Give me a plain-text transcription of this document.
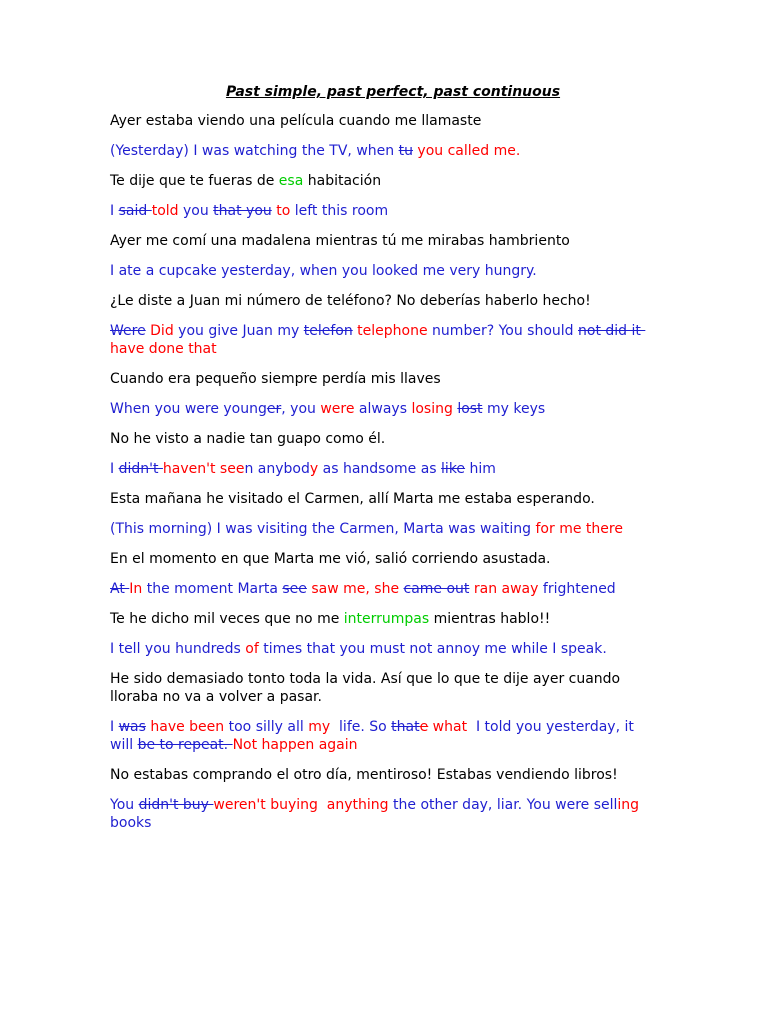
Past simple, past perfect, past continuous
Ayer estaba viendo una película cuando me llamaste
(Yesterday) I was watching the TV, when tu you called me.
Te dije que te fueras de esa habitación
I said told you that you to left this room
Ayer me comí una madalena mientras tú me mirabas hambriento
I ate a cupcake yesterday, when you looked me very hungry.
¿Le diste a Juan mi número de teléfono? No deberías haberlo hecho!
Were Did you give Juan my telefon telephone number? You should not did it
have done that
Cuando era pequeño siempre perdía mis llaves
When you were younger, you were always losing lost my keys
No he visto a nadie tan guapo como él.
I didn't haven't seen anybody as handsome as like him
Esta mañana he visitado el Carmen, allí Marta me estaba esperando.
(This morning) I was visiting the Carmen, Marta was waiting for me there
En el momento en que Marta me vió, salió corriendo asustada.
At In the moment Marta see saw me, she came out ran away frightened
Te he dicho mil veces que no me interrumpas mientras hablo!!
I tell you hundreds of times that you must not annoy me while I speak.
He sido demasiado tonto toda la vida. Así que lo que te dije ayer cuando
lloraba no va a volver a pasar.
I was have been too silly all my  life. So thate what  I told you yesterday, it
will be to repeat. Not happen again
No estabas comprando el otro día, mentiroso! Estabas vendiendo libros!
You didn't buy weren't buying  anything the other day, liar. You were selling
books
